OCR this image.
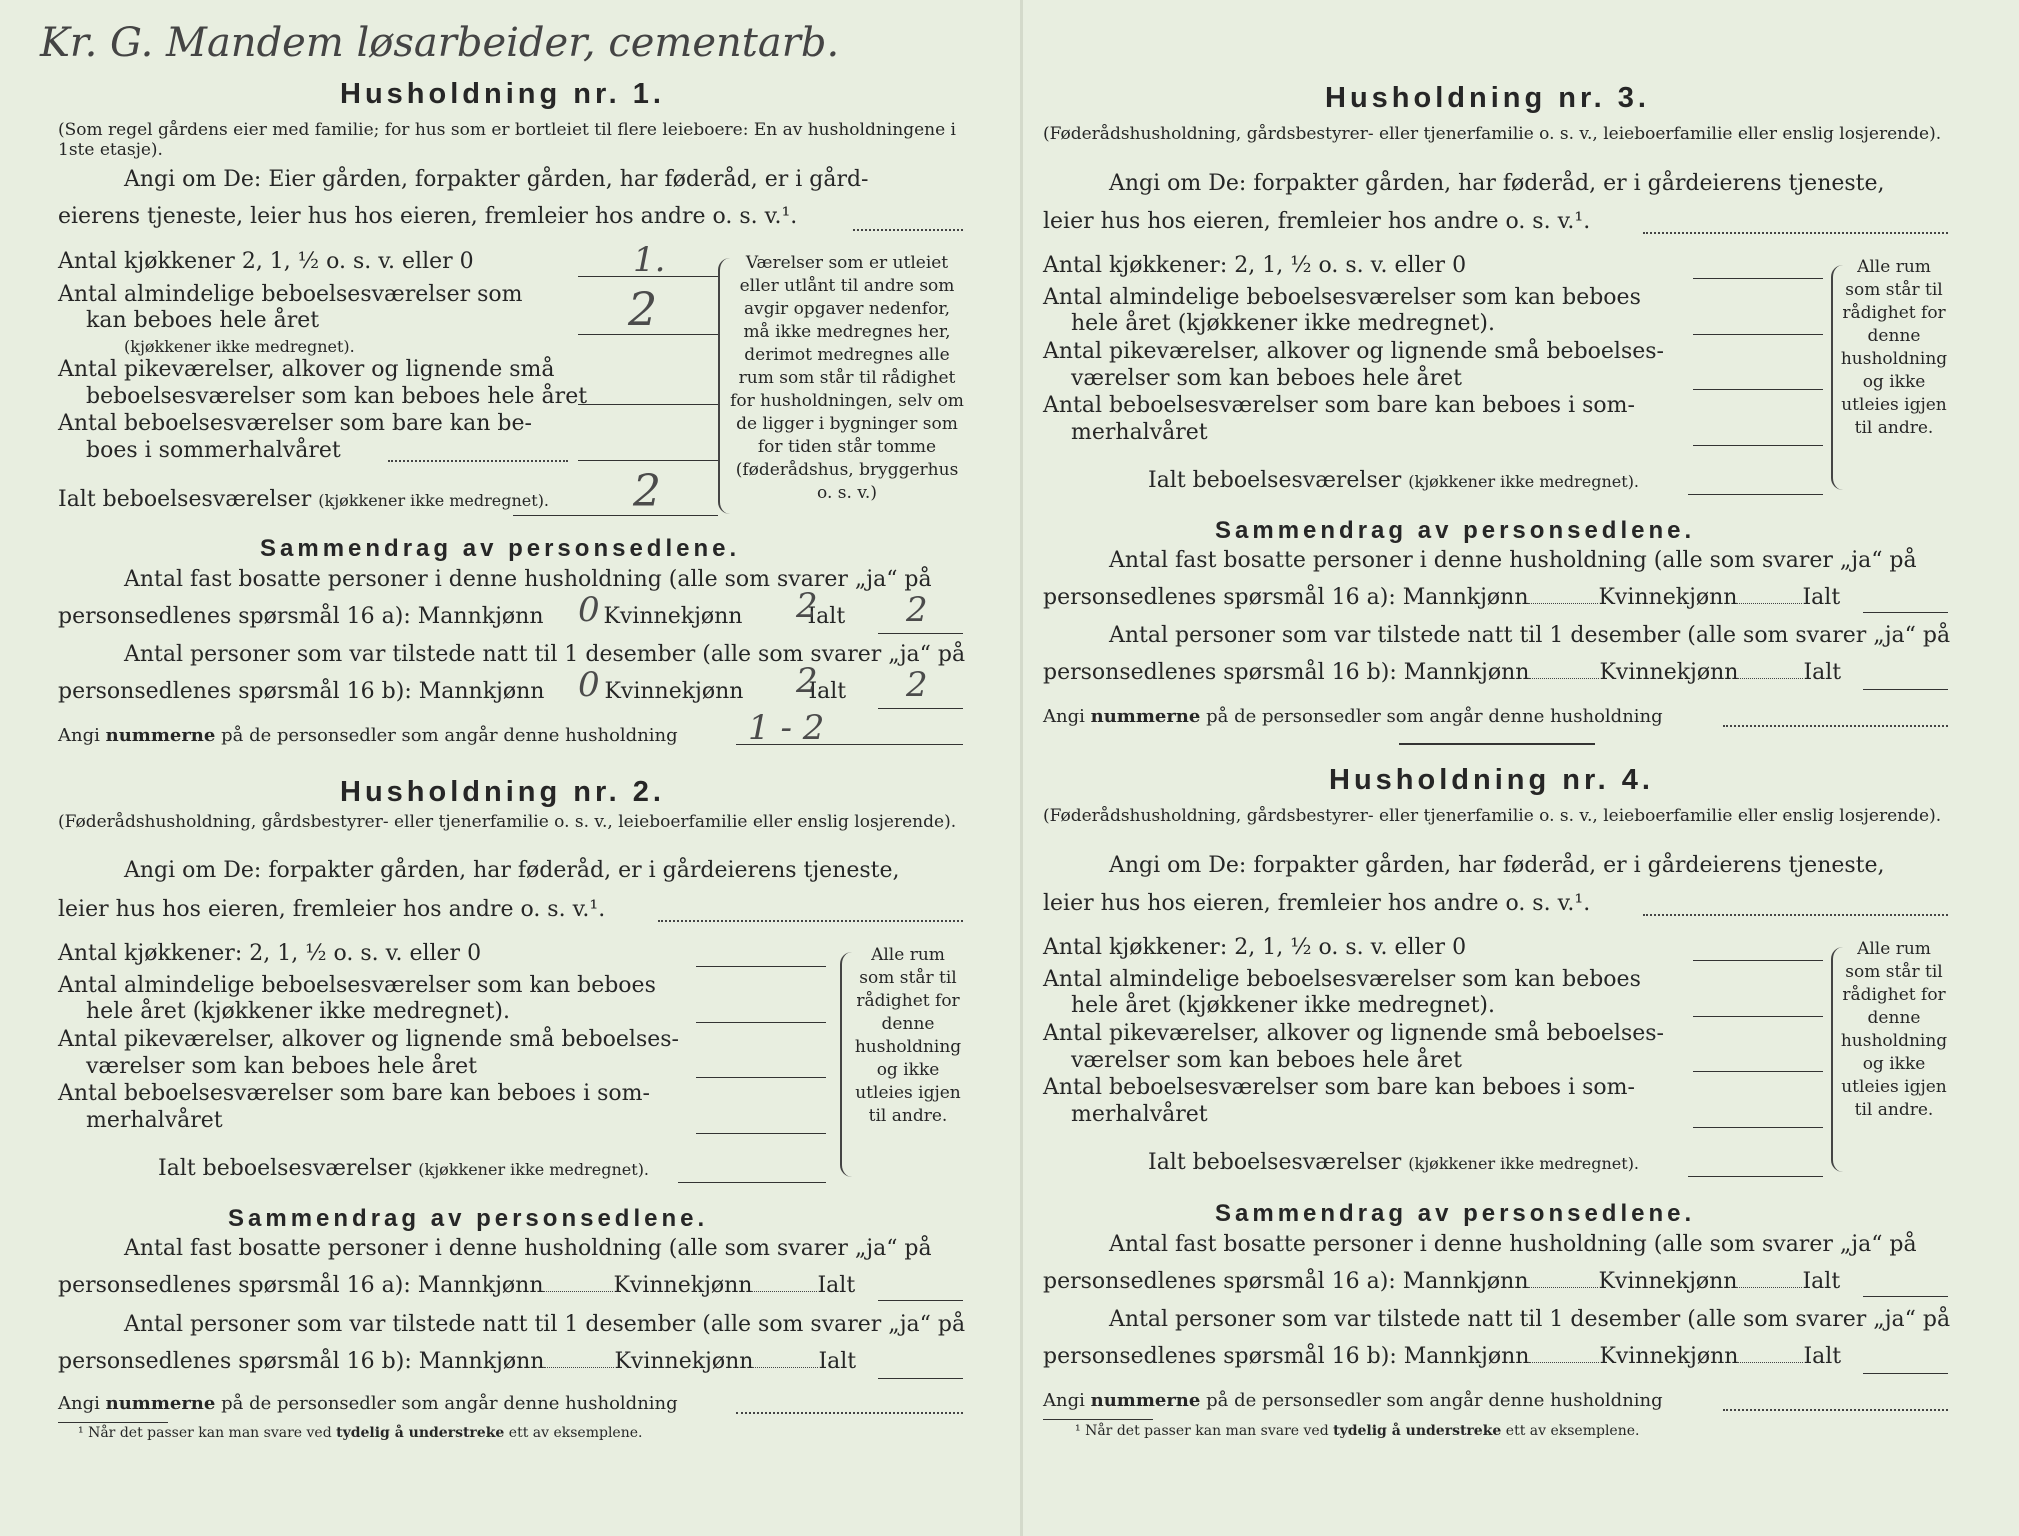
Kr. G. Mandem løsarbeider, cementarb.
Husholdning nr. 1.
(Som regel gårdens eier med familie; for hus som er bortleiet til flere leieboere: En av husholdningene i 1ste etasje).
Angi om De: Eier gården, forpakter gården, har føderåd, er i gård-
eierens tjeneste, leier hus hos eieren, fremleier hos andre o. s. v.¹.
Antal kjøkkener 2, 1, ½ o. s. v. eller 0	1.
Antal almindelige beboelsesværelser som
kan beboes hele året
(kjøkkener ikke medregnet).
2
Antal pikeværelser, alkover og lignende små
beboelsesværelser som kan beboes hele året
Antal beboelsesværelser som bare kan be-
boes i sommerhalvåret
Ialt beboelsesværelser (kjøkkener ikke medregnet). 2
Værelser som er utleiet eller utlånt til andre som avgir opgaver nedenfor, må ikke medregnes her, derimot medregnes alle rum som står til rådighet for husholdningen, selv om de ligger i bygninger som for tiden står tomme (føderådshus, bryggerhus o. s. v.)
Sammendrag av personsedlene.
Antal fast bosatte personer i denne husholdning (alle som svarer „ja“ på
personsedlenes spørsmål 16 a): Mannkjønn	Kvinnekjønn	Ialt
0	2	2
Antal personer som var tilstede natt til 1 desember (alle som svarer „ja“ på
personsedlenes spørsmål 16 b): Mannkjønn	Kvinnekjønn	Ialt
0	2	2
Angi nummerne på de personsedler som angår denne husholdning 1 - 2
Husholdning nr. 2.
(Føderådshusholdning, gårdsbestyrer- eller tjenerfamilie o. s. v., leieboerfamilie eller enslig losjerende).
Angi om De: forpakter gården, har føderåd, er i gårdeierens tjeneste,
leier hus hos eieren, fremleier hos andre o. s. v.¹.
Antal kjøkkener: 2, 1, ½ o. s. v. eller 0
Antal almindelige beboelsesværelser som kan beboes
hele året (kjøkkener ikke medregnet).
Antal pikeværelser, alkover og lignende små beboelses-
værelser som kan beboes hele året
Antal beboelsesværelser som bare kan beboes i som-
merhalvåret
Ialt beboelsesværelser (kjøkkener ikke medregnet).
Alle rum som står til rådighet for denne husholdning og ikke utleies igjen til andre.
Sammendrag av personsedlene.
Antal fast bosatte personer i denne husholdning (alle som svarer „ja“ på
personsedlenes spørsmål 16 a): Mannkjønn	Kvinnekjønn	Ialt
Antal personer som var tilstede natt til 1 desember (alle som svarer „ja“ på
personsedlenes spørsmål 16 b): Mannkjønn	Kvinnekjønn	Ialt
Angi nummerne på de personsedler som angår denne husholdning
¹ Når det passer kan man svare ved tydelig å understreke ett av eksemplene.
Husholdning nr. 3.
(Føderådshusholdning, gårdsbestyrer- eller tjenerfamilie o. s. v., leieboerfamilie eller enslig losjerende).
Angi om De: forpakter gården, har føderåd, er i gårdeierens tjeneste,
leier hus hos eieren, fremleier hos andre o. s. v.¹.
Antal kjøkkener: 2, 1, ½ o. s. v. eller 0
Antal almindelige beboelsesværelser som kan beboes
hele året (kjøkkener ikke medregnet).
Antal pikeværelser, alkover og lignende små beboelses-
værelser som kan beboes hele året
Antal beboelsesværelser som bare kan beboes i som-
merhalvåret
Ialt beboelsesværelser (kjøkkener ikke medregnet).
Alle rum som står til rådighet for denne husholdning og ikke utleies igjen til andre.
Sammendrag av personsedlene.
Antal fast bosatte personer i denne husholdning (alle som svarer „ja“ på
personsedlenes spørsmål 16 a): Mannkjønn	Kvinnekjønn	Ialt
Antal personer som var tilstede natt til 1 desember (alle som svarer „ja“ på
personsedlenes spørsmål 16 b): Mannkjønn	Kvinnekjønn	Ialt
Angi nummerne på de personsedler som angår denne husholdning
Husholdning nr. 4.
(Føderådshusholdning, gårdsbestyrer- eller tjenerfamilie o. s. v., leieboerfamilie eller enslig losjerende).
Angi om De: forpakter gården, har føderåd, er i gårdeierens tjeneste,
leier hus hos eieren, fremleier hos andre o. s. v.¹.
Antal kjøkkener: 2, 1, ½ o. s. v. eller 0
Antal almindelige beboelsesværelser som kan beboes
hele året (kjøkkener ikke medregnet).
Antal pikeværelser, alkover og lignende små beboelses-
værelser som kan beboes hele året
Antal beboelsesværelser som bare kan beboes i som-
merhalvåret
Ialt beboelsesværelser (kjøkkener ikke medregnet).
Alle rum som står til rådighet for denne husholdning og ikke utleies igjen til andre.
Sammendrag av personsedlene.
Antal fast bosatte personer i denne husholdning (alle som svarer „ja“ på
personsedlenes spørsmål 16 a): Mannkjønn	Kvinnekjønn	Ialt
Antal personer som var tilstede natt til 1 desember (alle som svarer „ja“ på
personsedlenes spørsmål 16 b): Mannkjønn	Kvinnekjønn	Ialt
Angi nummerne på de personsedler som angår denne husholdning
¹ Når det passer kan man svare ved tydelig å understreke ett av eksemplene.
